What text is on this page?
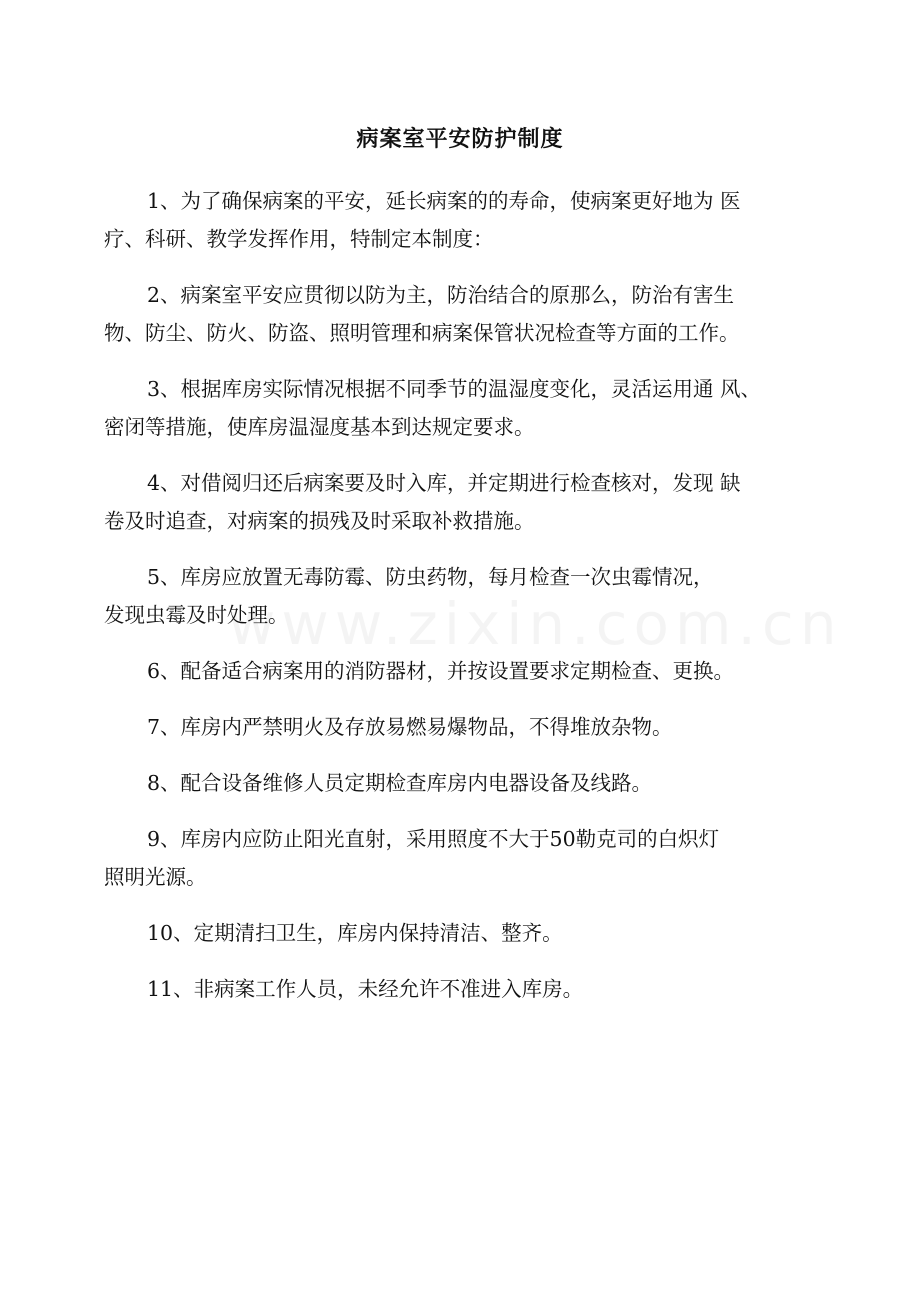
病案室平安防护制度

1、为了确保病案的平安，延长病案的的寿命，使病案更好地为 医
疗、科研、教学发挥作用，特制定本制度：

2、病案室平安应贯彻以防为主，防治结合的原那么，防治有害生
物、防尘、防火、防盗、照明管理和病案保管状况检查等方面的工作。

3、根据库房实际情况根据不同季节的温湿度变化，灵活运用通 风、
密闭等措施，使库房温湿度基本到达规定要求。

4、对借阅归还后病案要及时入库，并定期进行检查核对，发现 缺
卷及时追查，对病案的损残及时采取补救措施。

5、库房应放置无毒防霉、防虫药物，每月检查一次虫霉情况，
发现虫霉及时处理。

6、配备适合病案用的消防器材，并按设置要求定期检查、更换。

7、库房内严禁明火及存放易燃易爆物品，不得堆放杂物。

8、配合设备维修人员定期检查库房内电器设备及线路。

9、库房内应防止阳光直射，采用照度不大于50勒克司的白炽灯
照明光源。

10、定期清扫卫生，库房内保持清洁、整齐。

11、非病案工作人员，未经允许不准进入库房。
